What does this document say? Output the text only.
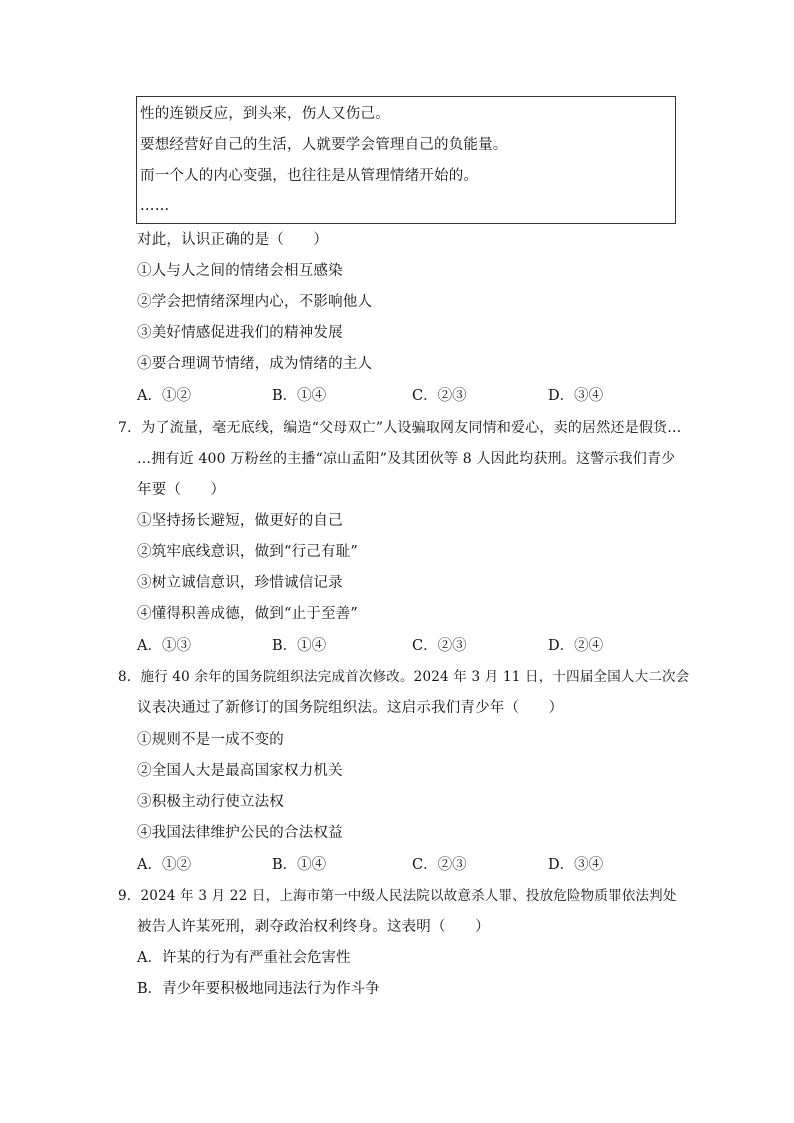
性的连锁反应，到头来，伤人又伤己。
要想经营好自己的生活，人就要学会管理自己的负能量。
而一个人的内心变强，也往往是从管理情绪开始的。
……
对此，认识正确的是（　　）
①人与人之间的情绪会相互感染
②学会把情绪深埋内心，不影响他人
③美好情感促进我们的精神发展
④要合理调节情绪，成为情绪的主人
A．①②	B．①④	C．②③	D．③④
7．为了流量，毫无底线，编造“父母双亡”人设骗取网友同情和爱心，卖的居然还是假货…
…拥有近 400 万粉丝的主播“凉山孟阳”及其团伙等 8 人因此均获刑。这警示我们青少
年要（　　）
①坚持扬长避短，做更好的自己
②筑牢底线意识，做到“行己有耻”
③树立诚信意识，珍惜诚信记录
④懂得积善成德，做到“止于至善”
A．①③	B．①④	C．②③	D．②④
8．施行 40 余年的国务院组织法完成首次修改。2024 年 3 月 11 日，十四届全国人大二次会
议表决通过了新修订的国务院组织法。这启示我们青少年（　　）
①规则不是一成不变的
②全国人大是最高国家权力机关
③积极主动行使立法权
④我国法律维护公民的合法权益
A．①②	B．①④	C．②③	D．③④
9．2024 年 3 月 22 日，上海市第一中级人民法院以故意杀人罪、投放危险物质罪依法判处
被告人许某死刑，剥夺政治权利终身。这表明（　　）
A．许某的行为有严重社会危害性
B．青少年要积极地同违法行为作斗争
